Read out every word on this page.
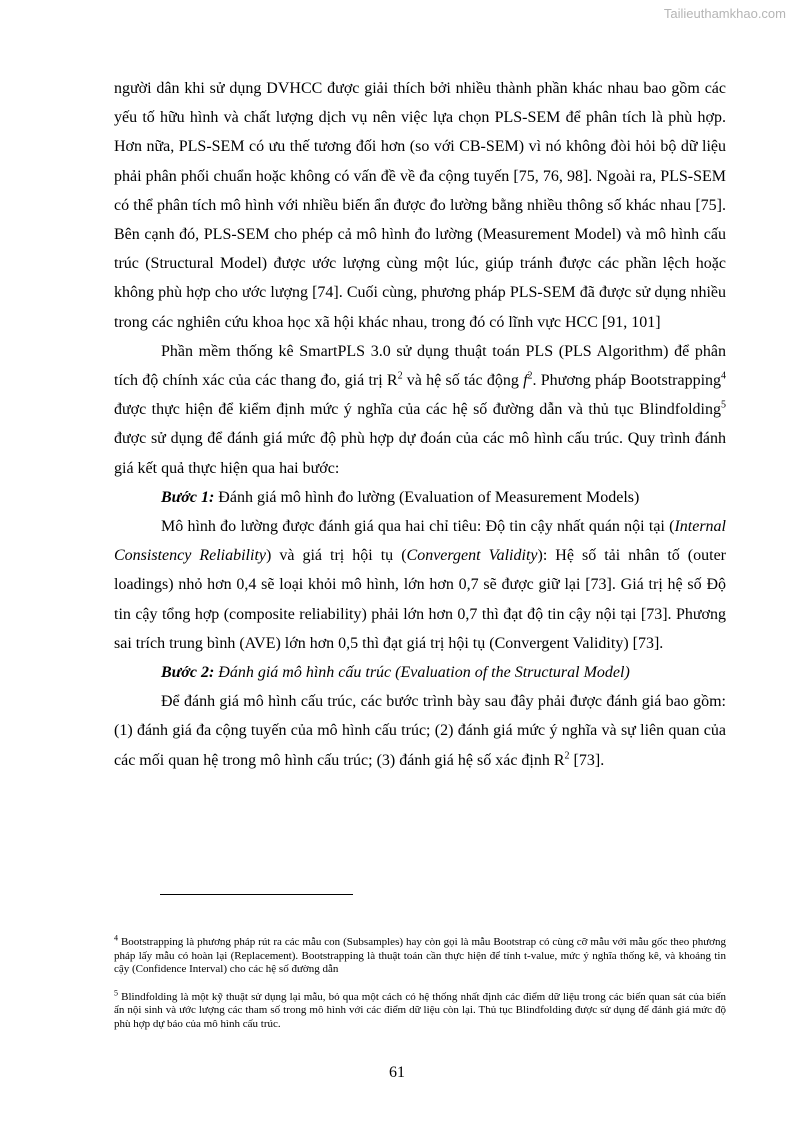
Tailieuthamkhao.com

người dân khi sử dụng DVHCC được giải thích bởi nhiều thành phần khác nhau bao gồm các yếu tố hữu hình và chất lượng dịch vụ nên việc lựa chọn PLS-SEM để phân tích là phù hợp. Hơn nữa, PLS-SEM có ưu thế tương đối hơn (so với CB-SEM) vì nó không đòi hỏi bộ dữ liệu phải phân phối chuẩn hoặc không có vấn đề về đa cộng tuyến [75, 76, 98]. Ngoài ra, PLS-SEM có thể phân tích mô hình với nhiều biến ẩn được đo lường bằng nhiều thông số khác nhau [75]. Bên cạnh đó, PLS-SEM cho phép cả mô hình đo lường (Measurement Model) và mô hình cấu trúc (Structural Model) được ước lượng cùng một lúc, giúp tránh được các phần lệch hoặc không phù hợp cho ước lượng [74]. Cuối cùng, phương pháp PLS-SEM đã được sử dụng nhiều trong các nghiên cứu khoa học xã hội khác nhau, trong đó có lĩnh vực HCC [91, 101]

Phần mềm thống kê SmartPLS 3.0 sử dụng thuật toán PLS (PLS Algorithm) để phân tích độ chính xác của các thang đo, giá trị $R^2$ và hệ số tác động $f^2$. Phương pháp Bootstrapping$^4$ được thực hiện để kiểm định mức ý nghĩa của các hệ số đường dẫn và thủ tục Blindfolding$^5$ được sử dụng để đánh giá mức độ phù hợp dự đoán của các mô hình cấu trúc. Quy trình đánh giá kết quả thực hiện qua hai bước:

Bước 1: Đánh giá mô hình đo lường (Evaluation of Measurement Models)

Mô hình đo lường được đánh giá qua hai chỉ tiêu: Độ tin cậy nhất quán nội tại (Internal Consistency Reliability) và giá trị hội tụ (Convergent Validity): Hệ số tải nhân tố (outer loadings) nhỏ hơn 0,4 sẽ loại khỏi mô hình, lớn hơn 0,7 sẽ được giữ lại [73]. Giá trị hệ số Độ tin cậy tổng hợp (composite reliability) phải lớn hơn 0,7 thì đạt độ tin cậy nội tại [73]. Phương sai trích trung bình (AVE) lớn hơn 0,5 thì đạt giá trị hội tụ (Convergent Validity) [73].

Bước 2: Đánh giá mô hình cấu trúc (Evaluation of the Structural Model)

Để đánh giá mô hình cấu trúc, các bước trình bày sau đây phải được đánh giá bao gồm: (1) đánh giá đa cộng tuyến của mô hình cấu trúc; (2) đánh giá mức ý nghĩa và sự liên quan của các mối quan hệ trong mô hình cấu trúc; (3) đánh giá hệ số xác định $R^2$ [73].

$^4$ Bootstrapping là phương pháp rút ra các mẫu con (Subsamples) hay còn gọi là mẫu Bootstrap có cùng cỡ mẫu với mẫu gốc theo phương pháp lấy mẫu có hoàn lại (Replacement). Bootstrapping là thuật toán cần thực hiện để tính t-value, mức ý nghĩa thống kê, và khoảng tin cậy (Confidence Interval) cho các hệ số đường dẫn

$^5$ Blindfolding là một kỹ thuật sử dụng lại mẫu, bỏ qua một cách có hệ thống nhất định các điểm dữ liệu trong các biến quan sát của biến ẩn nội sinh và ước lượng các tham số trong mô hình với các điểm dữ liệu còn lại. Thủ tục Blindfolding được sử dụng để đánh giá mức độ phù hợp dự báo của mô hình cấu trúc.

61
